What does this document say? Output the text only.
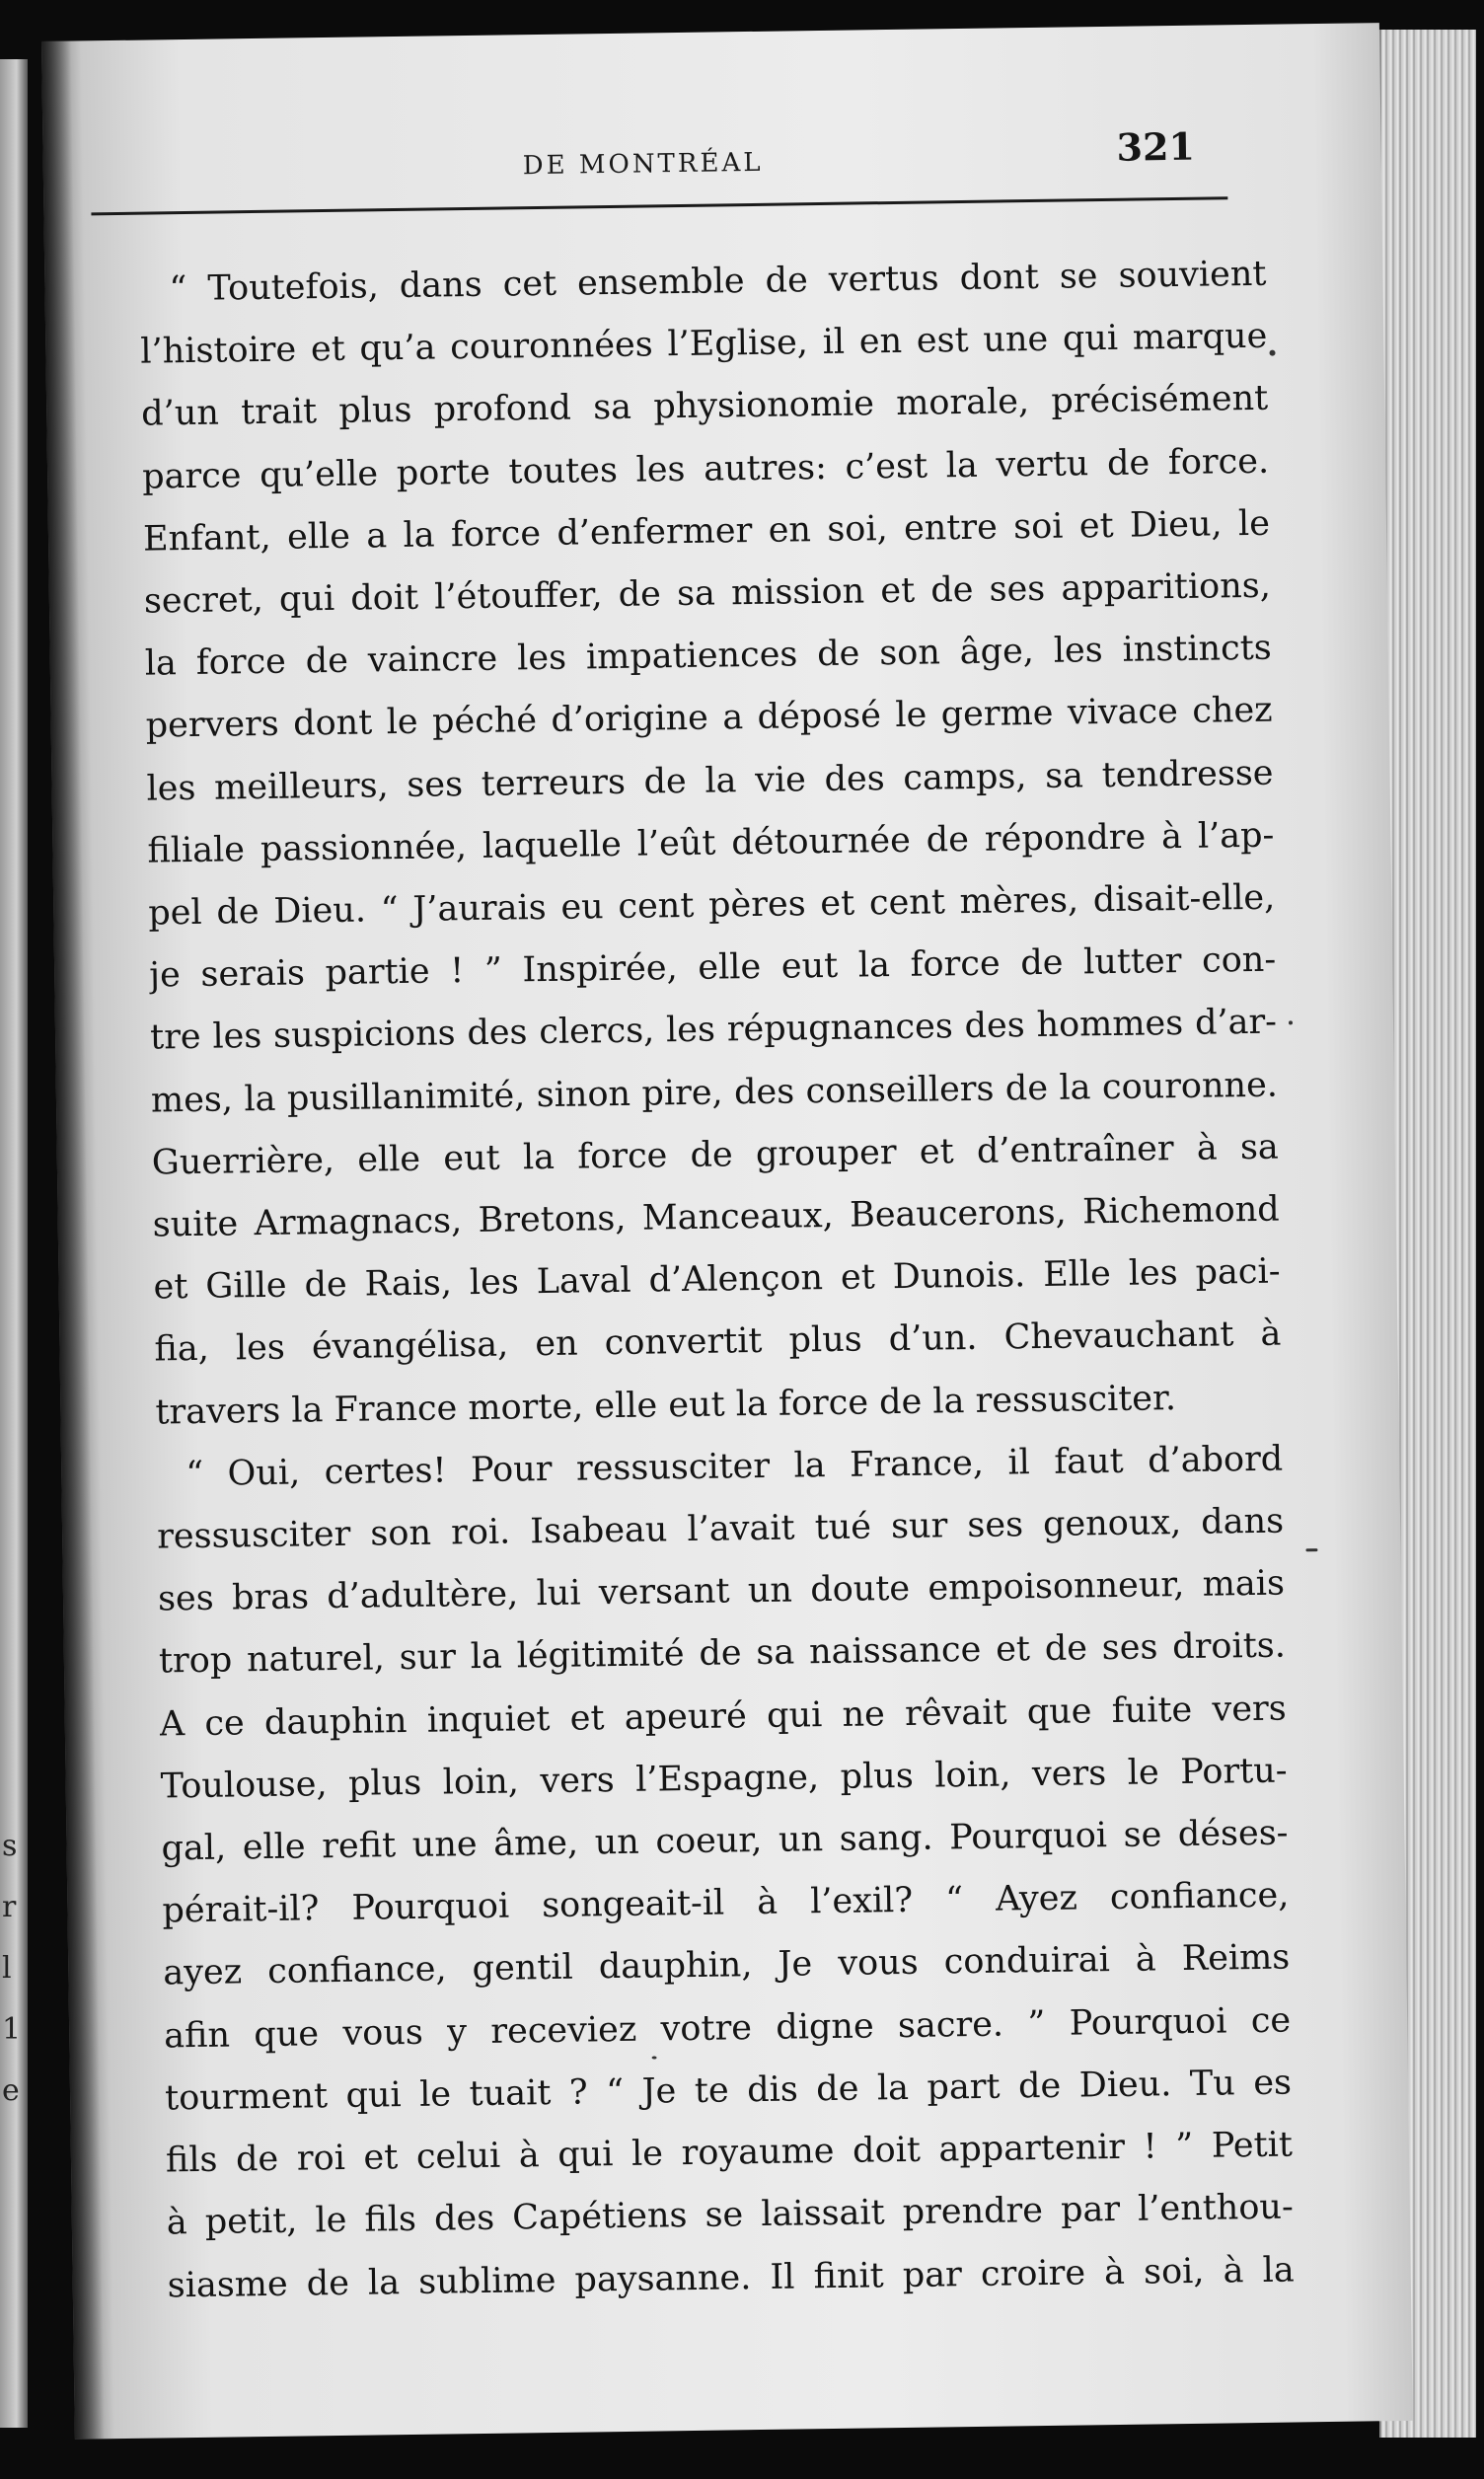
s
r
l
1
e
DE MONTRÉAL	321
“ Toutefois, dans cet ensemble de vertus dont se souvient
l’histoire et qu’a couronnées l’Eglise, il en est une qui marque
d’un trait plus profond sa physionomie morale, précisément
parce qu’elle porte toutes les autres: c’est la vertu de force.
Enfant, elle a la force d’enfermer en soi, entre soi et Dieu, le
secret, qui doit l’étouffer, de sa mission et de ses apparitions,
la force de vaincre les impatiences de son âge, les instincts
pervers dont le péché d’origine a déposé le germe vivace chez
les meilleurs, ses terreurs de la vie des camps, sa tendresse
filiale passionnée, laquelle l’eût détournée de répondre à l’ap-
pel de Dieu. “ J’aurais eu cent pères et cent mères, disait-elle,
je serais partie ! ” Inspirée, elle eut la force de lutter con-
tre les suspicions des clercs, les répugnances des hommes d’ar-
mes, la pusillanimité, sinon pire, des conseillers de la couronne.
Guerrière, elle eut la force de grouper et d’entraîner à sa
suite Armagnacs, Bretons, Manceaux, Beaucerons, Richemond
et Gille de Rais, les Laval d’Alençon et Dunois. Elle les paci-
fia, les évangélisa, en convertit plus d’un. Chevauchant à
travers la France morte, elle eut la force de la ressusciter.
“ Oui, certes! Pour ressusciter la France, il faut d’abord
ressusciter son roi. Isabeau l’avait tué sur ses genoux, dans
ses bras d’adultère, lui versant un doute empoisonneur, mais
trop naturel, sur la légitimité de sa naissance et de ses droits.
A ce dauphin inquiet et apeuré qui ne rêvait que fuite vers
Toulouse, plus loin, vers l’Espagne, plus loin, vers le Portu-
gal, elle refit une âme, un coeur, un sang. Pourquoi se déses-
pérait-il? Pourquoi songeait-il à l’exil? “ Ayez confiance,
ayez confiance, gentil dauphin, Je vous conduirai à Reims
afin que vous y receviez votre digne sacre. ” Pourquoi ce
tourment qui le tuait ? “ Je te dis de la part de Dieu. Tu es
fils de roi et celui à qui le royaume doit appartenir ! ” Petit
à petit, le fils des Capétiens se laissait prendre par l’enthou-
siasme de la sublime paysanne. Il finit par croire à soi, à la
